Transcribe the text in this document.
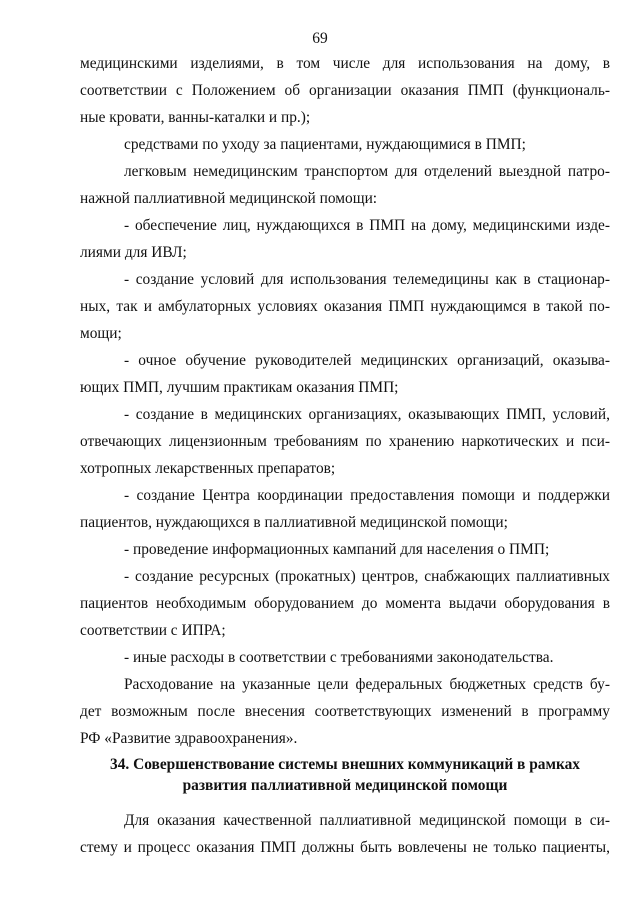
69
медицинскими изделиями, в том числе для использования на дому, в
соответствии с Положением об организации оказания ПМП (функциональ-
ные кровати, ванны-каталки и пр.);
средствами по уходу за пациентами, нуждающимися в ПМП;
легковым немедицинским транспортом для отделений выездной патро-
нажной паллиативной медицинской помощи:
- обеспечение лиц, нуждающихся в ПМП на дому, медицинскими изде-
лиями для ИВЛ;
- создание условий для использования телемедицины как в стационар-
ных, так и амбулаторных условиях оказания ПМП нуждающимся в такой по-
мощи;
- очное обучение руководителей медицинских организаций, оказыва-
ющих ПМП, лучшим практикам оказания ПМП;
- создание в медицинских организациях, оказывающих ПМП, условий,
отвечающих лицензионным требованиям по хранению наркотических и пси-
хотропных лекарственных препаратов;
- создание Центра координации предоставления помощи и поддержки
пациентов, нуждающихся в паллиативной медицинской помощи;
- проведение информационных кампаний для населения о ПМП;
- создание ресурсных (прокатных) центров, снабжающих паллиативных
пациентов необходимым оборудованием до момента выдачи оборудования в
соответствии с ИПРА;
- иные расходы в соответствии с требованиями законодательства.
Расходование на указанные цели федеральных бюджетных средств бу-
дет возможным после внесения соответствующих изменений в программу
РФ «Развитие здравоохранения».
34. Совершенствование системы внешних коммуникаций в рамках
развития паллиативной медицинской помощи
Для оказания качественной паллиативной медицинской помощи в си-
стему и процесс оказания ПМП должны быть вовлечены не только пациенты,
